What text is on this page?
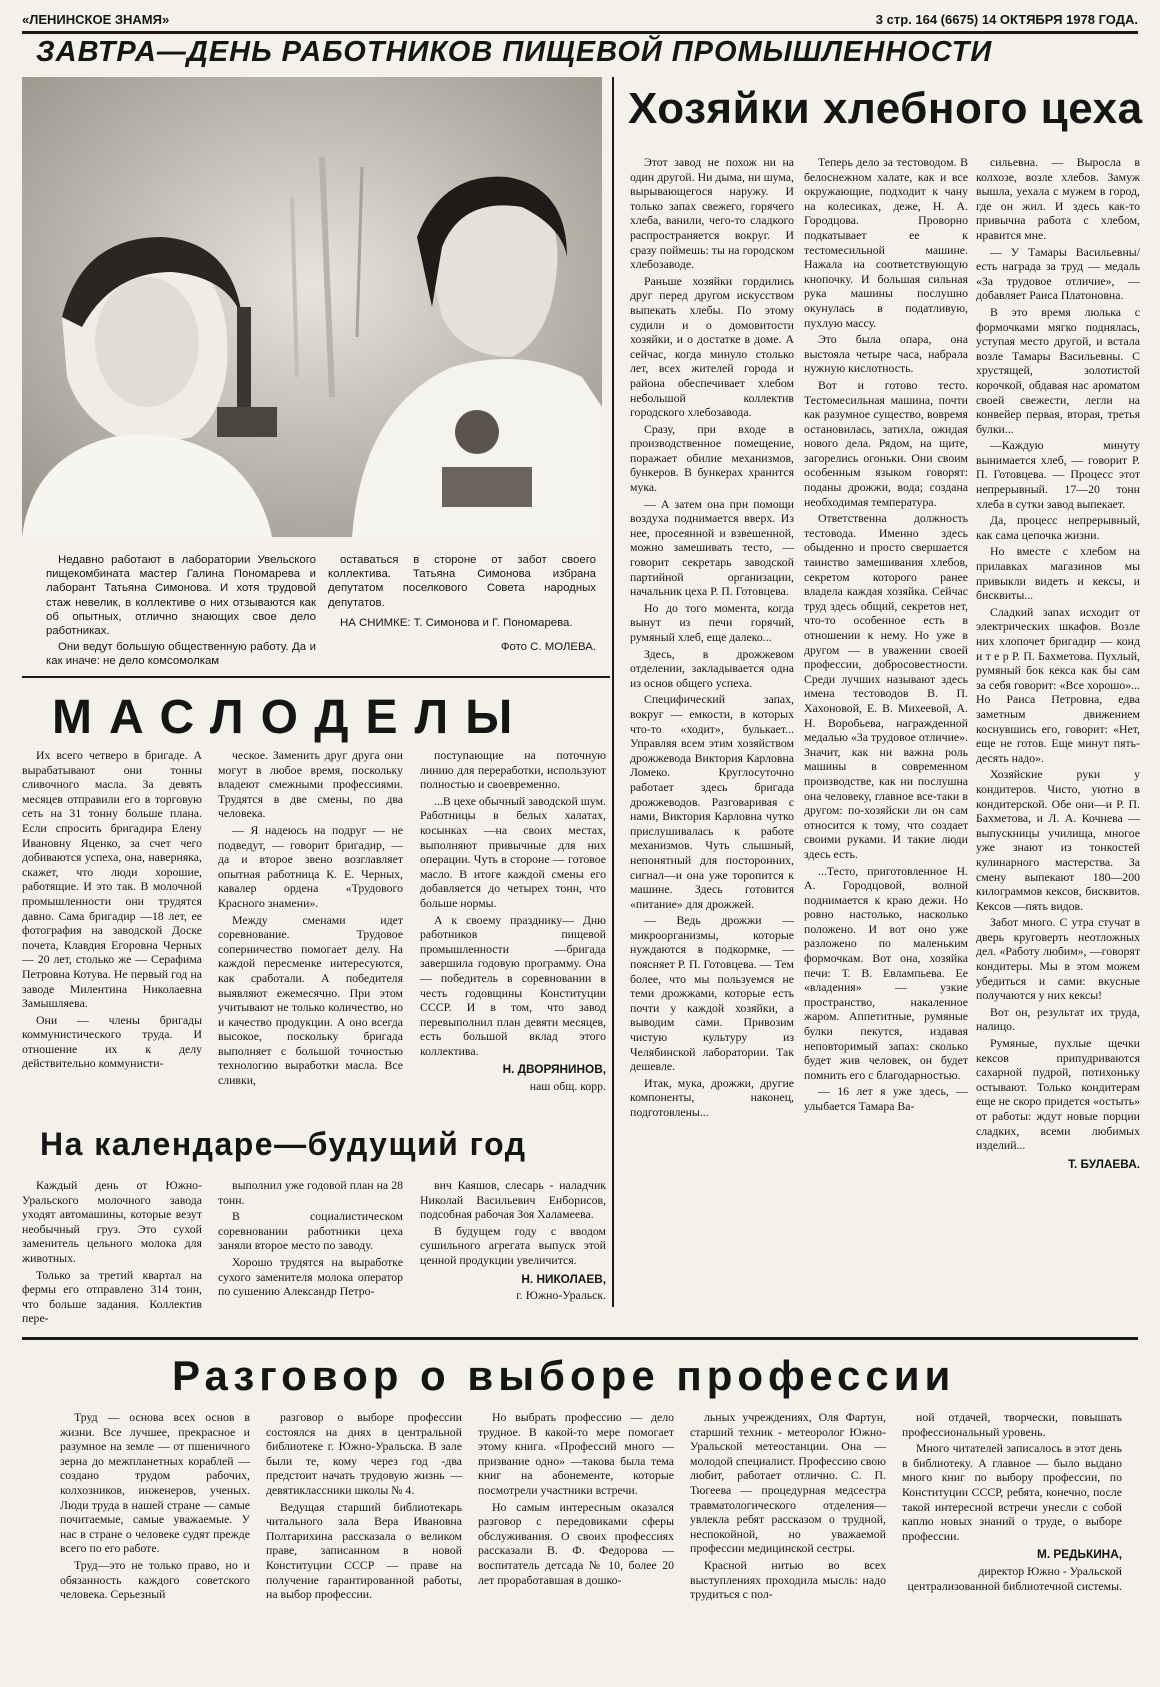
«ЛЕНИНСКОЕ ЗНАМЯ»	3 стр. 164 (6675) 14 ОКТЯБРЯ 1978 ГОДА.
ЗАВТРА—ДЕНЬ РАБОТНИКОВ ПИЩЕВОЙ ПРОМЫШЛЕННОСТИ

Недавно работают в лаборатории Увельского пищекомбината мастер Галина Пономарева и лаборант Татьяна Симонова. И хотя трудовой стаж невелик, в коллективе о них отзываются как об опытных, отлично знающих свое дело работниках.

Они ведут большую общественную работу. Да и как иначе: не дело комсомолкам

оставаться в стороне от забот своего коллектива. Татьяна Симонова избрана депутатом поселкового Совета народных депутатов.

НА СНИМКЕ: Т. Симонова и Г. Пономарева.
Фото С. МОЛЕВА.
Хозяйки хлебного цеха

Этот завод не похож ни на один другой. Ни дыма, ни шума, вырывающегося наружу. И только запах свежего, горячего хлеба, ванили, чего-то сладкого распространяется вокруг. И сразу поймешь: ты на городском хлебозаводе.

Раньше хозяйки гордились друг перед другом искусством выпекать хлебы. По этому судили и о домовитости хозяйки, и о достатке в доме. А сейчас, когда минуло столько лет, всех жителей города и района обеспечивает хлебом небольшой коллектив городского хлебозавода.

Сразу, при входе в производственное помещение, поражает обилие механизмов, бункеров. В бункерах хранится мука.

— А затем она при помощи воздуха поднимается вверх. Из нее, просеянной и взвешенной, можно замешивать тесто, —говорит секретарь заводской партийной организации, начальник цеха Р. П. Готовцева.

Но до того момента, когда вынут из печи горячий, румяный хлеб, еще далеко...

Здесь, в дрожжевом отделении, закладывается одна из основ общего успеха.

Специфический запах, вокруг — емкости, в которых что-то «ходит», булькает... Управляя всем этим хозяйством дрожжевода Виктория Карловна Ломеко. Круглосуточно работает здесь бригада дрожжеводов. Разговаривая с нами, Виктория Карловна чутко прислушивалась к работе механизмов. Чуть слышный, непонятный для посторонних, сигнал—и она уже торопится к машине. Здесь готовится «питание» для дрожжей.

— Ведь дрожжи — микроорганизмы, которые нуждаются в подкормке, — поясняет Р. П. Готовцева. — Тем более, что мы пользуемся не теми дрожжами, которые есть почти у каждой хозяйки, а выводим сами. Привозим чистую культуру из Челябинской лаборатории. Так дешевле.

Итак, мука, дрожжи, другие компоненты, наконец, подготовлены...

Теперь дело за тестоводом. В белоснежном халате, как и все окружающие, подходит к чану на колесиках, деже, Н. А. Городцова. Проворно подкатывает ее к тестомесильной машине. Нажала на соответствующую кнопочку. И большая сильная рука машины послушно окунулась в податливую, пухлую массу.

Это была опара, она выстояла четыре часа, набрала нужную кислотность.

Вот и готово тесто. Тестомесильная машина, почти как разумное существо, вовремя остановилась, затихла, ожидая нового дела. Рядом, на щите, загорелись огоньки. Они своим особенным языком говорят: поданы дрожжи, вода; создана необходимая температура.

Ответственна должность тестовода. Именно здесь обыденно и просто свершается таинство замешивания хлебов, секретом которого ранее владела каждая хозяйка. Сейчас труд здесь общий, секретов нет, что-то особенное есть в отношении к нему. Но уже в другом — в уважении своей профессии, добросовестности. Среди лучших называют здесь имена тестоводов В. П. Хахоновой, Е. В. Михеевой, А. Н. Воробьева, награжденной медалью «За трудовое отличие». Значит, как ни важна роль машины в современном производстве, как ни послушна она человеку, главное все-таки в другом: по-хозяйски ли он сам относится к тому, что создает своими руками. И такие люди здесь есть.

...Тесто, приготовленное Н. А. Городцовой, волной поднимается к краю дежи. Но ровно настолько, насколько положено. И вот оно уже разложено по маленьким формочкам. Вот она, хозяйка печи: Т. В. Евлампьева. Ее «владения» — узкие пространство, накаленное жаром. Аппетитные, румяные булки пекутся, издавая неповторимый запах: сколько будет жив человек, он будет помнить его с благодарностью.

— 16 лет я уже здесь, — улыбается Тамара Ва-

сильевна. — Выросла в колхозе, возле хлебов. Замуж вышла, уехала с мужем в город, где он жил. И здесь как-то привычна работа с хлебом, нравится мне.

— У Тамары Васильевны/есть награда за труд — медаль «За трудовое отличие», — добавляет Раиса Платоновна.

В это время люлька с формочками мягко поднялась, уступая место другой, и встала возле Тамары Васильевны. С хрустящей, золотистой корочкой, обдавая нас ароматом своей свежести, легли на конвейер первая, вторая, третья булки...

—Каждую минуту вынимается хлеб, — говорит Р. П. Готовцева. — Процесс этот непрерывный. 17—20 тонн хлеба в сутки завод выпекает.

Да, процесс непрерывный, как сама цепочка жизни.

Но вместе с хлебом на прилавках магазинов мы привыкли видеть и кексы, и бисквиты...

Сладкий запах исходит от электрических шкафов. Возле них хлопочет бригадир — конд и т е р Р. П. Бахметова. Пухлый, румяный бок кекса как бы сам за себя говорит: «Все хорошо»... Но Раиса Петровна, едва заметным движением коснувшись его, говорит: «Нет, еще не готов. Еще минут пять-десять надо».

Хозяйские руки у кондитеров. Чисто, уютно в кондитерской. Обе они—и Р. П. Бахметова, и Л. А. Кочнева — выпускницы училища, многое уже знают из тонкостей кулинарного мастерства. За смену выпекают 180—200 килограммов кексов, бисквитов. Кексов —пять видов.

Забот много. С утра стучат в дверь круговерть неотложных дел. «Работу любим», —говорят кондитеры. Мы в этом можем убедиться и сами: вкусные получаются у них кексы!

Вот он, результат их труда, налицо.

Румяные, пухлые щечки кексов припудриваются сахарной пудрой, потихоньку остывают. Только кондитерам еще не скоро придется «остыть» от работы: ждут новые порции сладких, всеми любимых изделий...

Т. БУЛАЕВА.

МАСЛОДЕЛЫ

Их всего четверо в бригаде. А вырабатывают они тонны сливочного масла. За девять месяцев отправили его в торговую сеть на 31 тонну больше плана. Если спросить бригадира Елену Ивановну Яценко, за счет чего добиваются успеха, она, наверняка, скажет, что люди хорошие, работящие. И это так. В молочной промышленности они трудятся давно. Сама бригадир —18 лет, ее фотография на заводской Доске почета, Клавдия Егоровна Черных— 20 лет, столько же — Серафима Петровна Котува. Не первый год на заводе Милентина Николаевна Замышляева.

Они — члены бригады коммунистического труда. И отношение их к делу действительно коммунисти-

ческое. Заменить друг друга они могут в любое время, поскольку владеют смежными профессиями. Трудятся в две смены, по два человека.

— Я надеюсь на подруг — не подведут, — говорит бригадир, — да и второе звено возглавляет опытная работница К. Е. Черных, кавалер ордена «Трудового Красного знамени».

Между сменами идет соревнование. Трудовое соперничество помогает делу. На каждой пересменке интересуются, как сработали. А победителя выявляют ежемесячно. При этом учитывают не только количество, но и качество продукции. А оно всегда высокое, поскольку бригада выполняет с большой точностью технологию выработки масла. Все сливки,

поступающие на поточную линию для переработки, используют полностью и своевременно.

...В цехе обычный заводской шум. Работницы в белых халатах, косынках —на своих местах, выполняют привычные для них операции. Чуть в стороне — готовое масло. В итоге каждой смены его добавляется до четырех тонн, что больше нормы.

А к своему празднику— Дню работников пищевой промышленности —бригада завершила годовую программу. Она — победитель в соревновании в честь годовщины Конституции СССР. И в том, что завод перевыполнил план девяти месяцев, есть большой вклад этого коллектива.

Н. ДВОРЯНИНОВ,

наш общ. корр.

На календаре—будущий год

Каждый день от Южно-Уральского молочного завода уходят автомашины, которые везут необычный груз. Это сухой заменитель цельного молока для животных.

Только за третий квартал на фермы его отправлено 314 тонн, что больше задания. Коллектив пере-

выполнил уже годовой план на 28 тонн.

В социалистическом соревновании работники цеха заняли второе место по заводу.

Хорошо трудятся на выработке сухого заменителя молока оператор по сушению Александр Петро-

вич Каяшов, слесарь - наладчик Николай Васильевич Енборисов, подсобная рабочая Зоя Халамеева.

В будущем году с вводом сушильного агрегата выпуск этой ценной продукции увеличится.

Н. НИКОЛАЕВ,

г. Южно-Уральск.

Разговор о выборе профессии

Труд — основа всех основ в жизни. Все лучшее, прекрасное и разумное на земле — от пшеничного зерна до межпланетных кораблей — создано трудом рабочих, колхозников, инженеров, ученых. Люди труда в нашей стране — самые почитаемые, самые уважаемые. У нас в стране о человеке судят прежде всего по его работе.

Труд—это не только право, но и обязанность каждого советского человека. Серьезный

разговор о выборе профессии состоялся на днях в центральной библиотеке г. Южно-Уральска. В зале были те, кому через год -два предстоит начать трудовую жизнь — девятиклассники школы № 4.

Ведущая старший библиотекарь читального зала Вера Ивановна Полтарихина рассказала о великом праве, записанном в новой Конституции СССР — праве на получение гарантированной работы, на выбор профессии.

Но выбрать профессию — дело трудное. В какой-то мере помогает этому книга. «Профессий много — призвание одно» —такова была тема книг на абонементе, которые посмотрели участники встречи.

Но самым интересным оказался разговор с передовиками сферы обслуживания. О своих профессиях рассказали В. Ф. Федорова — воспитатель детсада № 10, более 20 лет проработавшая в дошко-

льных учреждениях, Оля Фартун, старший техник - метеоролог Южно-Уральской метеостанции. Она — молодой специалист. Профессию свою любит, работает отлично. С. П. Тюгеева — процедурная медсестра травматологического отделения—увлекла ребят рассказом о трудной, неспокойной, но уважаемой профессии медицинской сестры.

Красной нитью во всех выступлениях проходила мысль: надо трудиться с пол-

ной отдачей, творчески, повышать профессиональный уровень.

Много читателей записалось в этот день в библиотеку. А главное — было выдано много книг по выбору профессии, по Конституции СССР, ребята, конечно, после такой интересной встречи унесли с собой каплю новых знаний о труде, о выборе профессии.

М. РЕДЬКИНА,

директор Южно - Уральской централизованной библиотечной системы.
